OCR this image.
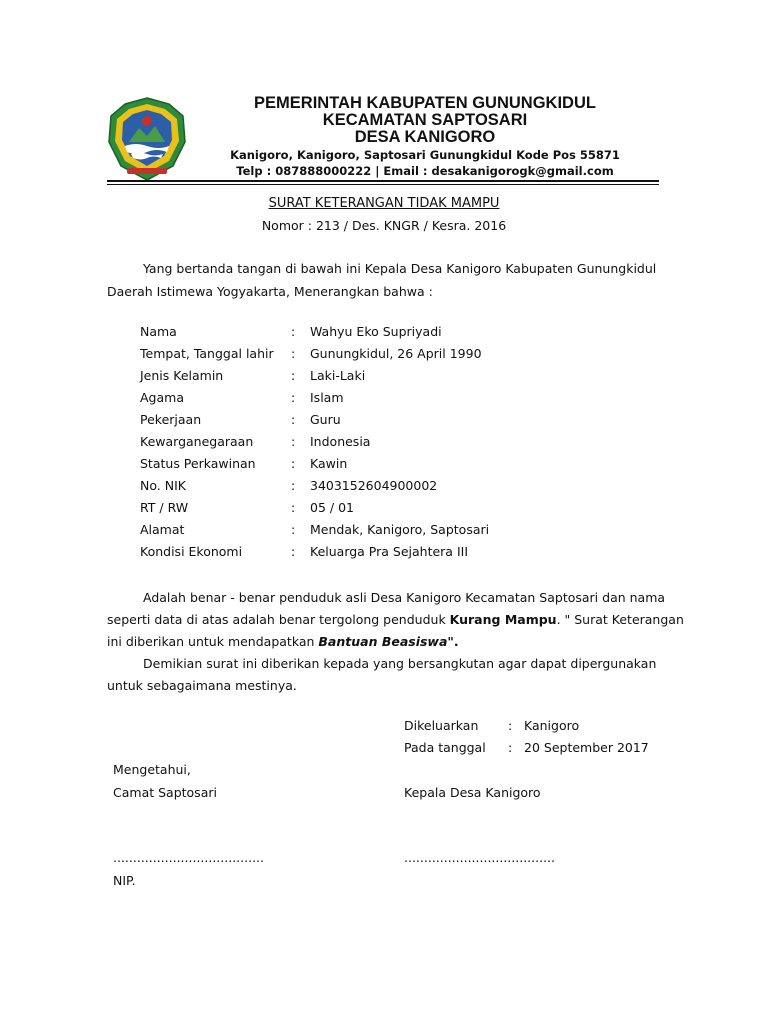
PEMERINTAH KABUPATEN GUNUNGKIDUL
KECAMATAN SAPTOSARI
DESA KANIGORO
Kanigoro, Kanigoro, Saptosari Gunungkidul Kode Pos 55871
Telp : 087888000222 | Email : desakanigorogk@gmail.com
SURAT KETERANGAN TIDAK MAMPU
Nomor : 213 / Des. KNGR / Kesra. 2016
Yang bertanda tangan di bawah ini Kepala Desa Kanigoro Kabupaten Gunungkidul
Daerah Istimewa Yogyakarta, Menerangkan bahwa :
Nama	: Wahyu Eko Supriyadi
Tempat, Tanggal lahir : Gunungkidul, 26 April 1990
Jenis Kelamin	: Laki-Laki
Agama	: Islam
Pekerjaan	: Guru
Kewarganegaraan	: Indonesia
Status Perkawinan	: Kawin
No. NIK	: 3403152604900002
RT / RW	: 05 / 01
Alamat	: Mendak, Kanigoro, Saptosari
Kondisi Ekonomi	: Keluarga Pra Sejahtera III
Adalah benar - benar penduduk asli Desa Kanigoro Kecamatan Saptosari dan nama
seperti data di atas adalah benar tergolong penduduk Kurang Mampu. " Surat Keterangan
ini diberikan untuk mendapatkan Bantuan Beasiswa".
Demikian surat ini diberikan kepada yang bersangkutan agar dapat dipergunakan
untuk sebagaimana mestinya.
Dikeluarkan : Kanigoro
Pada tanggal : 20 September 2017
Mengetahui,
Camat Saptosari	Kepala Desa Kanigoro
......................................	......................................
NIP.
